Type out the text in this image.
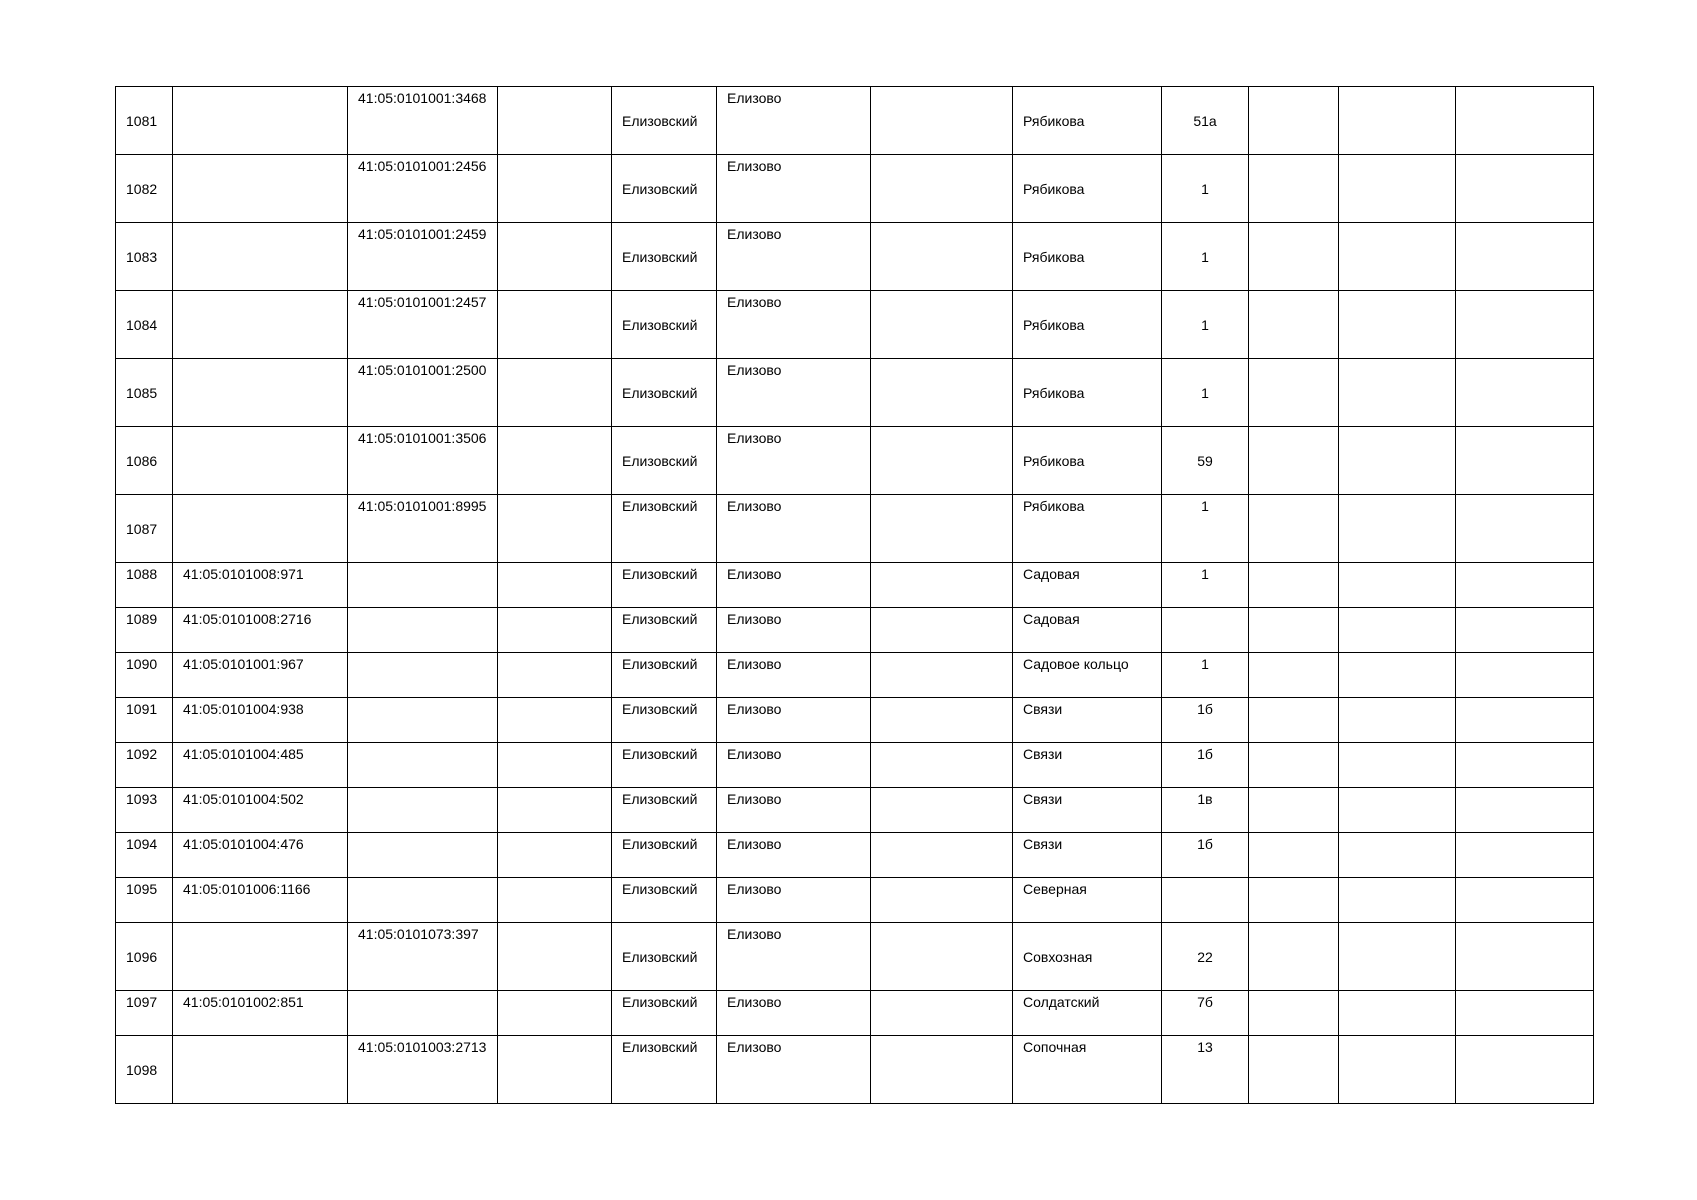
1081		41:05:0101001:3468		Елизовский	Елизово		Рябикова	51а			
1082		41:05:0101001:2456		Елизовский	Елизово		Рябикова	1			
1083		41:05:0101001:2459		Елизовский	Елизово		Рябикова	1			
1084		41:05:0101001:2457		Елизовский	Елизово		Рябикова	1			
1085		41:05:0101001:2500		Елизовский	Елизово		Рябикова	1			
1086		41:05:0101001:3506		Елизовский	Елизово		Рябикова	59			
1087		41:05:0101001:8995		Елизовский	Елизово		Рябикова	1			
1088	41:05:0101008:971			Елизовский	Елизово		Садовая	1			
1089	41:05:0101008:2716			Елизовский	Елизово		Садовая				
1090	41:05:0101001:967			Елизовский	Елизово		Садовое кольцо	1			
1091	41:05:0101004:938			Елизовский	Елизово		Связи	1б			
1092	41:05:0101004:485			Елизовский	Елизово		Связи	1б			
1093	41:05:0101004:502			Елизовский	Елизово		Связи	1в			
1094	41:05:0101004:476			Елизовский	Елизово		Связи	1б			
1095	41:05:0101006:1166			Елизовский	Елизово		Северная				
1096		41:05:0101073:397		Елизовский	Елизово		Совхозная	22			
1097	41:05:0101002:851			Елизовский	Елизово		Солдатский	7б			
1098		41:05:0101003:2713		Елизовский	Елизово		Сопочная	13			
